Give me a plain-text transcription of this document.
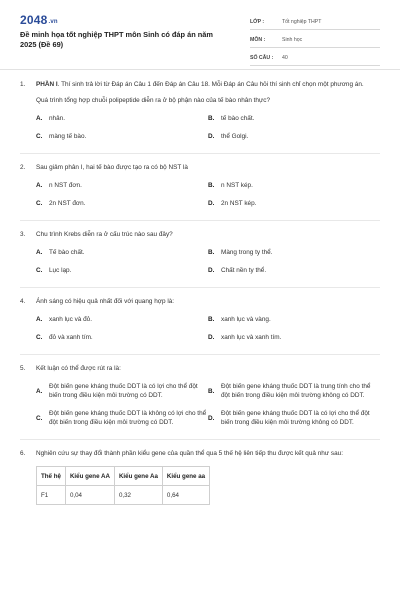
2048.vn
Đề minh họa tốt nghiệp THPT môn Sinh có đáp án năm 2025 (Đề 69)
LỚP :	Tốt nghiệp THPT
MÔN :	Sinh học
SỐ CÂU :	40
1.	PHẦN I. Thí sinh trả lời từ Đáp án Câu 1 đến Đáp án Câu 18. Mỗi Đáp án Câu hỏi thí sinh chỉ chọn một phương án.
Quá trình tổng hợp chuỗi polipeptide diễn ra ở bộ phận nào của tế bào nhân thực?
A.	nhân.	B.	tế bào chất.
C.	màng tế bào.	D.	thể Golgi.
2.	Sau giảm phân I, hai tế bào được tạo ra có bộ NST là
A.	n NST đơn.	B.	n NST kép.
C.	2n NST đơn.	D.	2n NST kép.
3.	Chu trình Krebs diễn ra ở cấu trúc nào sau đây?
A.	Tế bào chất.	B.	Màng trong ty thể.
C.	Lục lạp.	D.	Chất nền ty thể.
4.	Ánh sáng có hiệu quả nhất đối với quang hợp là:
A.	xanh lục và đỏ.	B.	xanh lục và vàng.
C.	đỏ và xanh tím.	D.	xanh lục và xanh tím.
5.	Kết luận có thể được rút ra là:
A.
Đột biến gene kháng thuốc DDT là có lợi cho thể đột biến trong điều kiện môi trường có DDT.
B.
Đột biến gene kháng thuốc DDT là trung tính cho thể đột biến trong điều kiện môi trường không có DDT.
C.
Đột biến gene kháng thuốc DDT là không có lợi cho thể đột biến trong điều kiện môi trường có DDT.
D.
Đột biến gene kháng thuốc DDT là có lợi cho thể đột biến trong điều kiện môi trường không có DDT.
6.	Nghiên cứu sự thay đổi thành phần kiểu gene của quần thể qua 5 thế hệ liên tiếp thu được kết quả như sau:
Thế hệ	Kiểu gene AA	Kiểu gene Aa	Kiểu gene aa
F1	0,04	0,32	0,64
